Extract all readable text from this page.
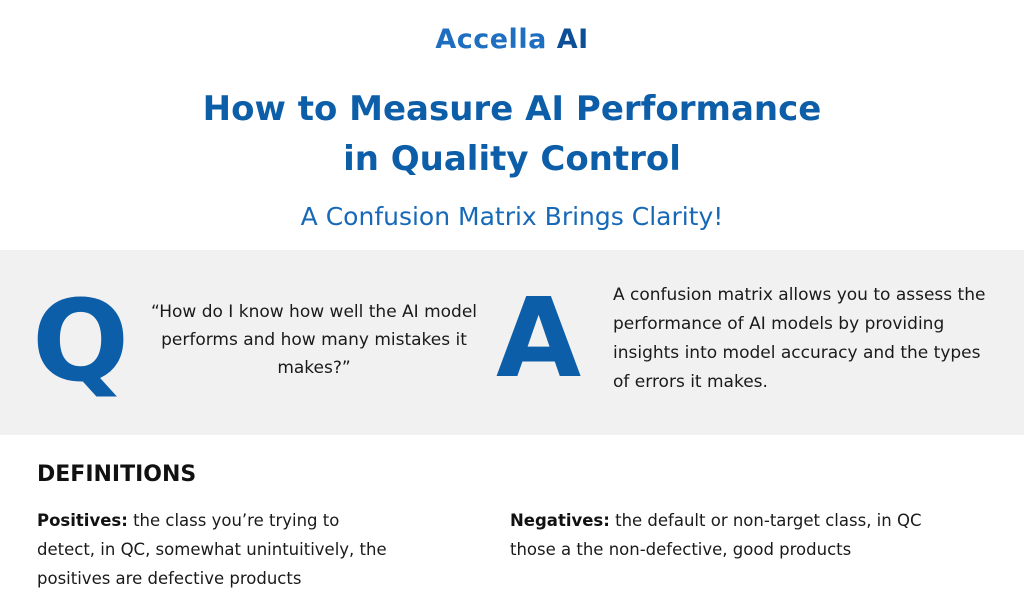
Accella AI
How to Measure AI Performance
in Quality Control
A Confusion Matrix Brings Clarity!
Q “How do I know how well the AI model performs and how many mistakes it makes?”	A A confusion matrix allows you to assess the performance of AI models by providing insights into model accuracy and the types of errors it makes.
DEFINITIONS
Positives: the class you’re trying to detect, in QC, somewhat unintuitively, the positives are defective products
Negatives: the default or non-target class, in QC those a the non-defective, good products
